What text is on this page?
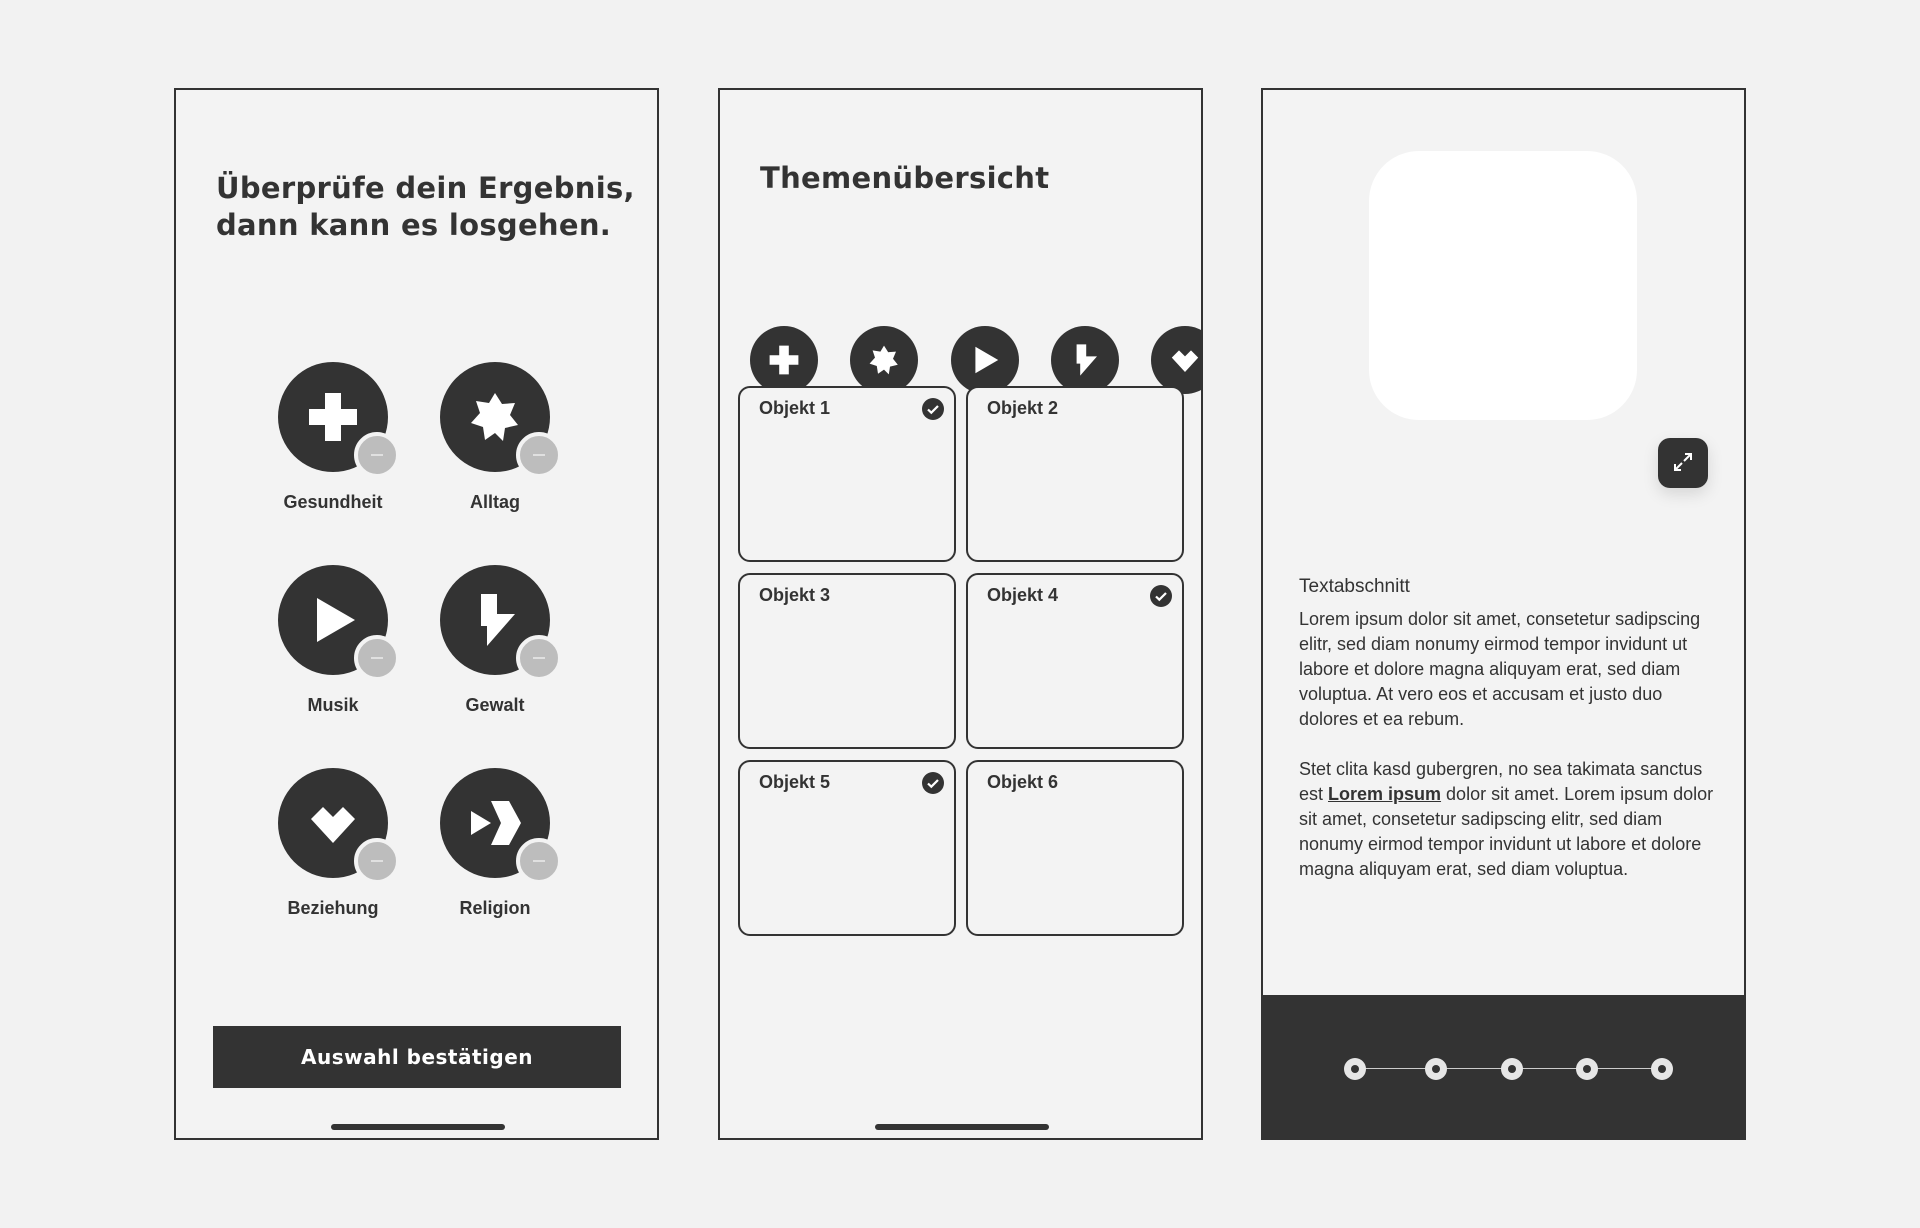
Überprüfe dein Ergebnis, dann kann es losgehen.
Gesundheit	Alltag
Musik	Gewalt
Beziehung	Religion
Auswahl bestätigen
Themenübersicht
Objekt 1	Objekt 2
Objekt 3	Objekt 4
Objekt 5	Objekt 6
Textabschnitt

Lorem ipsum dolor sit amet, consetetur sadipscing elitr, sed diam nonumy eirmod tempor invidunt ut labore et dolore magna aliquyam erat, sed diam voluptua. At vero eos et accusam et justo duo dolores et ea rebum.

Stet clita kasd gubergren, no sea takimata sanctus est Lorem ipsum dolor sit amet. Lorem ipsum dolor sit amet, consetetur sadipscing elitr, sed diam nonumy eirmod tempor invidunt ut labore et dolore magna aliquyam erat, sed diam voluptua.
